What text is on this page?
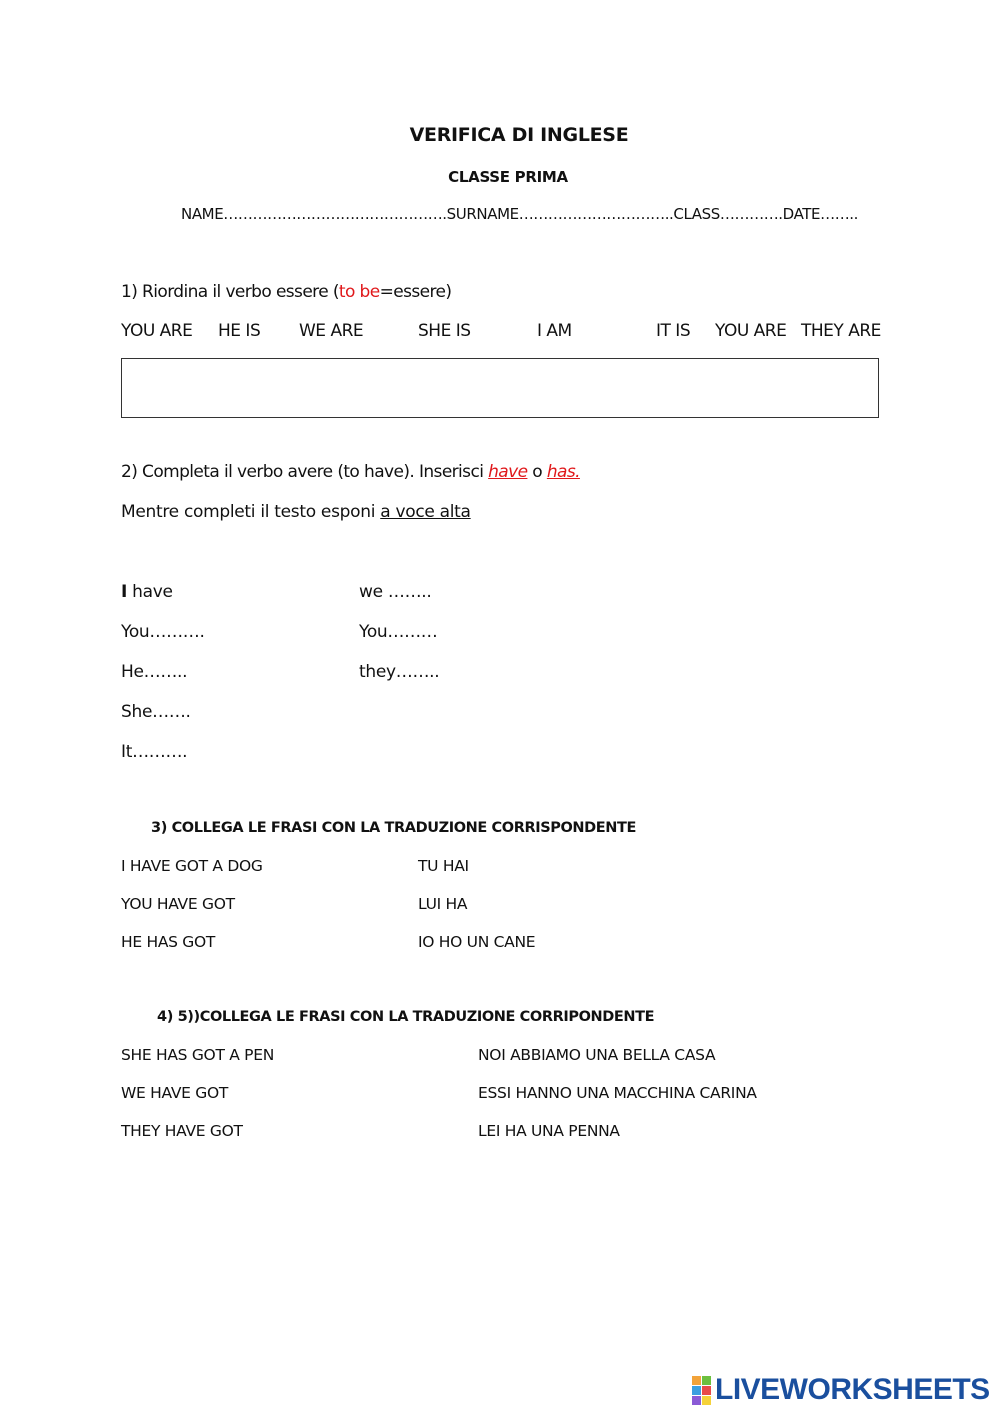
VERIFICA DI INGLESE
CLASSE PRIMA
NAME……………………………………….SURNAME…………………………..CLASS………….DATE……..
1) Riordina il verbo essere (to be=essere)
YOU ARE HE IS WE ARE	SHE IS	I AM	IT IS YOU ARE THEY ARE
2) Completa il verbo avere (to have). Inserisci have o has.
Mentre completi il testo esponi a voce alta
I have
You……….
He……..
She…….
It……….
we ……..
You………
they……..
3) COLLEGA LE FRASI CON LA TRADUZIONE CORRISPONDENTE
I HAVE GOT A DOG	TU HAI
YOU HAVE GOT	LUI HA
HE HAS GOT	IO HO UN CANE
4) 5))COLLEGA LE FRASI CON LA TRADUZIONE CORRIPONDENTE
SHE HAS GOT A PEN	NOI ABBIAMO UNA BELLA CASA
WE HAVE GOT	ESSI HANNO UNA MACCHINA CARINA
THEY HAVE GOT	LEI HA UNA PENNA
LIVEWORKSHEETS
